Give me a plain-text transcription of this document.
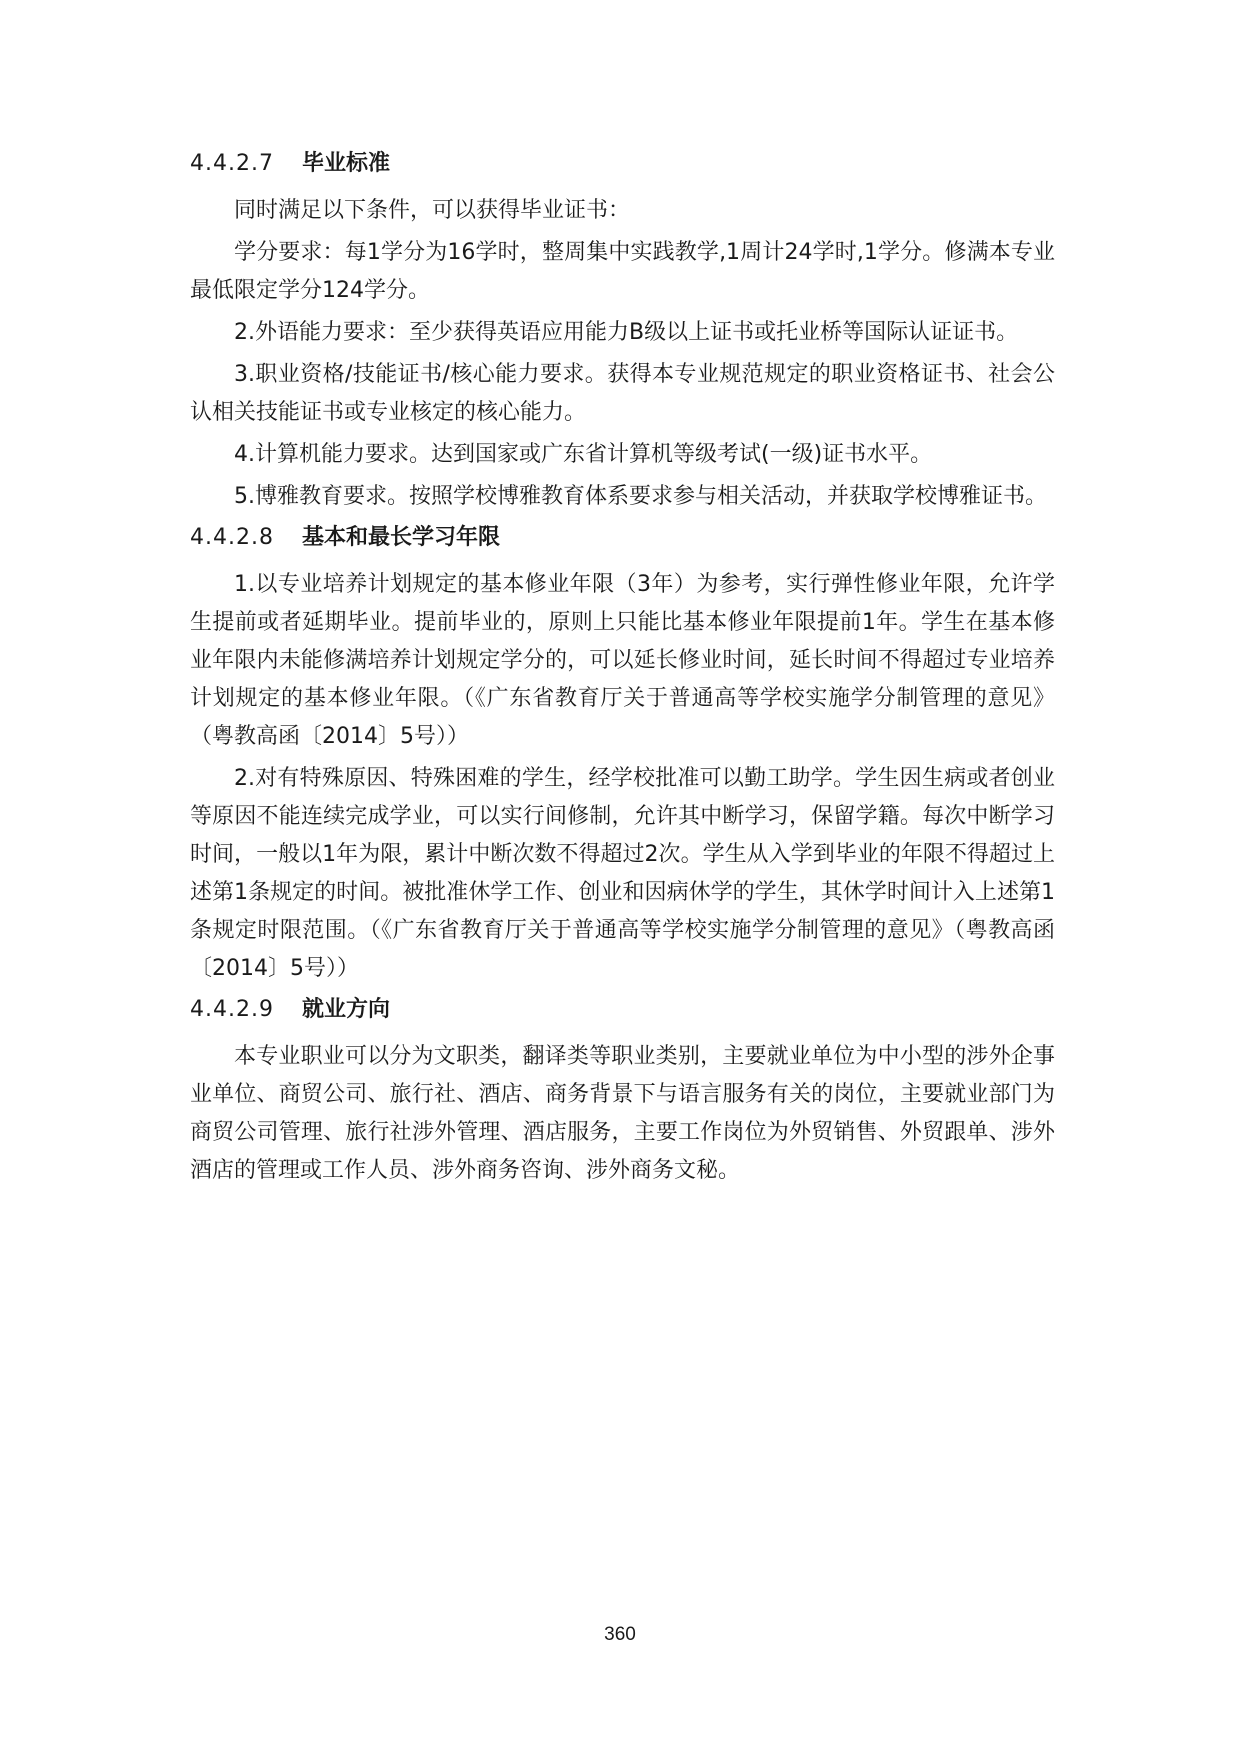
4.4.2.7 毕业标准

同时满足以下条件，可以获得毕业证书：

学分要求：每1学分为16学时，整周集中实践教学,1周计24学时,1学分。修满本专业最低限定学分124学分。

2.外语能力要求：至少获得英语应用能力B级以上证书或托业桥等国际认证证书。

3.职业资格/技能证书/核心能力要求。获得本专业规范规定的职业资格证书、社会公认相关技能证书或专业核定的核心能力。

4.计算机能力要求。达到国家或广东省计算机等级考试(一级)证书水平。

5.博雅教育要求。按照学校博雅教育体系要求参与相关活动，并获取学校博雅证书。

4.4.2.8 基本和最长学习年限

1.以专业培养计划规定的基本修业年限（3年）为参考，实行弹性修业年限，允许学生提前或者延期毕业。提前毕业的，原则上只能比基本修业年限提前1年。学生在基本修业年限内未能修满培养计划规定学分的，可以延长修业时间，延长时间不得超过专业培养计划规定的基本修业年限。（《广东省教育厅关于普通高等学校实施学分制管理的意见》（粤教高函〔2014〕5号））

2.对有特殊原因、特殊困难的学生，经学校批准可以勤工助学。学生因生病或者创业等原因不能连续完成学业，可以实行间修制，允许其中断学习，保留学籍。每次中断学习时间，一般以1年为限，累计中断次数不得超过2次。学生从入学到毕业的年限不得超过上述第1条规定的时间。被批准休学工作、创业和因病休学的学生，其休学时间计入上述第1条规定时限范围。（《广东省教育厅关于普通高等学校实施学分制管理的意见》（粤教高函〔2014〕5号））

4.4.2.9 就业方向

本专业职业可以分为文职类，翻译类等职业类别，主要就业单位为中小型的涉外企事业单位、商贸公司、旅行社、酒店、商务背景下与语言服务有关的岗位，主要就业部门为商贸公司管理、旅行社涉外管理、酒店服务，主要工作岗位为外贸销售、外贸跟单、涉外酒店的管理或工作人员、涉外商务咨询、涉外商务文秘。

360
